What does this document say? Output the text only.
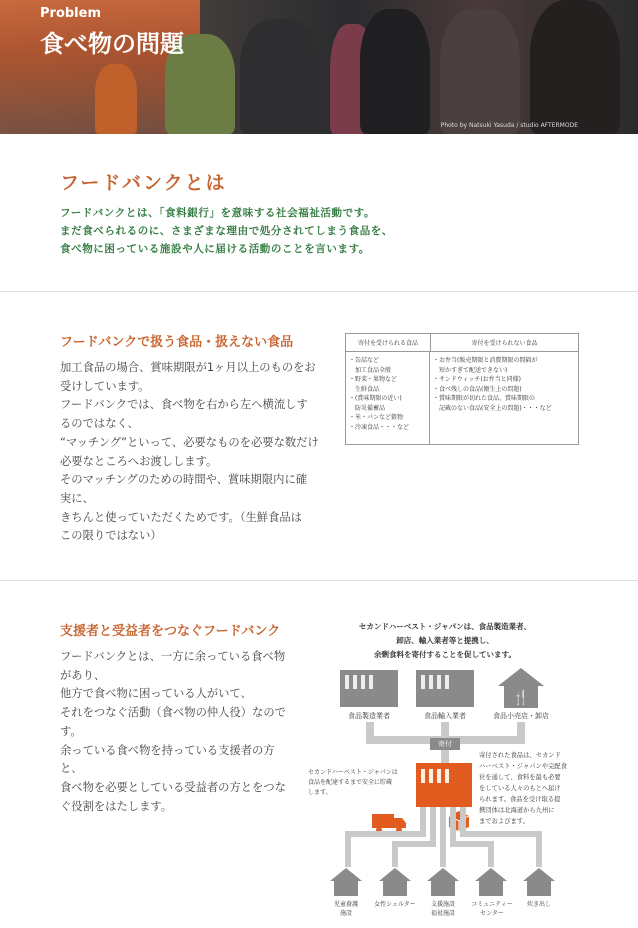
Problem
食べ物の問題
Photo by Natsuki Yasuda / studio AFTERMODE
フードバンクとは
フードバンクとは、「食料銀行」を意味する社会福祉活動です。
まだ食べられるのに、さまざまな理由で処分されてしまう食品を、
食べ物に困っている施設や人に届ける活動のことを言います。
フードバンクで扱う食品・扱えない食品
加工食品の場合、賞味期限が1ヶ月以上のものをお
受けしています。
フードバンクでは、食べ物を右から左へ横流しす
るのではなく、
“マッチング”といって、必要なものを必要な数だけ
必要なところへお渡しします。
そのマッチングのための時間や、賞味期限内に確
実に、
きちんと使っていただくためです。（生鮮食品は
この限りではない）
寄付を受けられる食品	寄付を受けられない食品
・缶詰など
　加工食品全般
・野菜・果物など
　生鮮食品
・(賞味期限の近い)
　防災備蓄品
・米・パンなど穀物
・冷凍食品・・・など
・お弁当(販売期限と消費期限の間隔が
　短かすぎて配送できない)
・サンドウィッチ(お弁当と同様)
・食べ残しの食品(衛生上の問題)
・賞味期限が切れた食品、賞味期限の
　記載のない食品(安全上の問題)・・・など
支援者と受益者をつなぐフードバンク
フードバンクとは、一方に余っている食べ物
があり、
他方で食べ物に困っている人がいて、
それをつなぐ活動（食べ物の仲人役）なので
す。
余っている食べ物を持っている支援者の方
と、
食べ物を必要としている受益者の方とをつな
ぐ役割をはたします。
セカンドハーベスト・ジャパンは、食品製造業者、
卸店、輸入業者等と提携し、
余剰食料を寄付することを促しています。
🍴
食品製造業者	食品輸入業者	食品小売店・卸店
寄付
セカンドハーベスト・ジャパンは
食品を配達するまで安全に貯蔵
します。
寄付された食品は、セカンド
ハーベスト・ジャパンや完配食
社を通して、食料を最も必要
をしている人々のもとへ届け
られます。食品を受け取る提
携団体は北海道から九州に
までおよびます。
児童養護
施設
女性シェルター	支援施設
福祉施設
コミュニティー
センター
炊き出し
